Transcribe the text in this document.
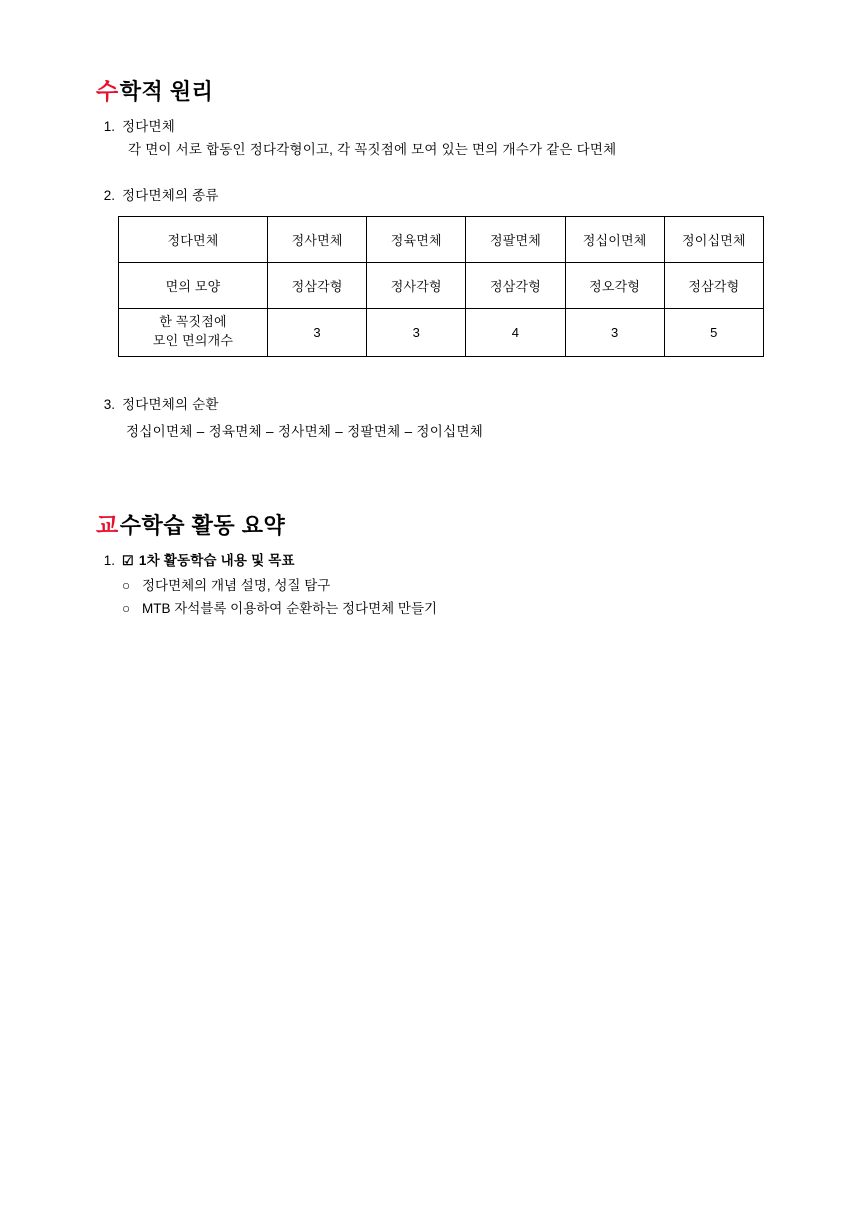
수 학적 원리
1. 정다면체
각 면이 서로 합동인 정다각형이고, 각 꼭짓점에 모여 있는 면의 개수가 같은 다면체
2. 정다면체의 종류
정다면체	정사면체	정육면체	정팔면체	정십이면체	정이십면체
면의 모양	정삼각형	정사각형	정삼각형	정오각형	정삼각형

한 꼭짓점에
모인 면의개수	3	3	4	3	5
3. 정다면체의 순환
정십이면체 – 정육면체 – 정사면체 – 정팔면체 – 정이십면체
교 수학습 활동 요약
1. ☑ 1차 활동학습 내용 및 목표
○ 정다면체의 개념 설명, 성질 탐구
○ MTB 자석블록 이용하여 순환하는 정다면체 만들기
